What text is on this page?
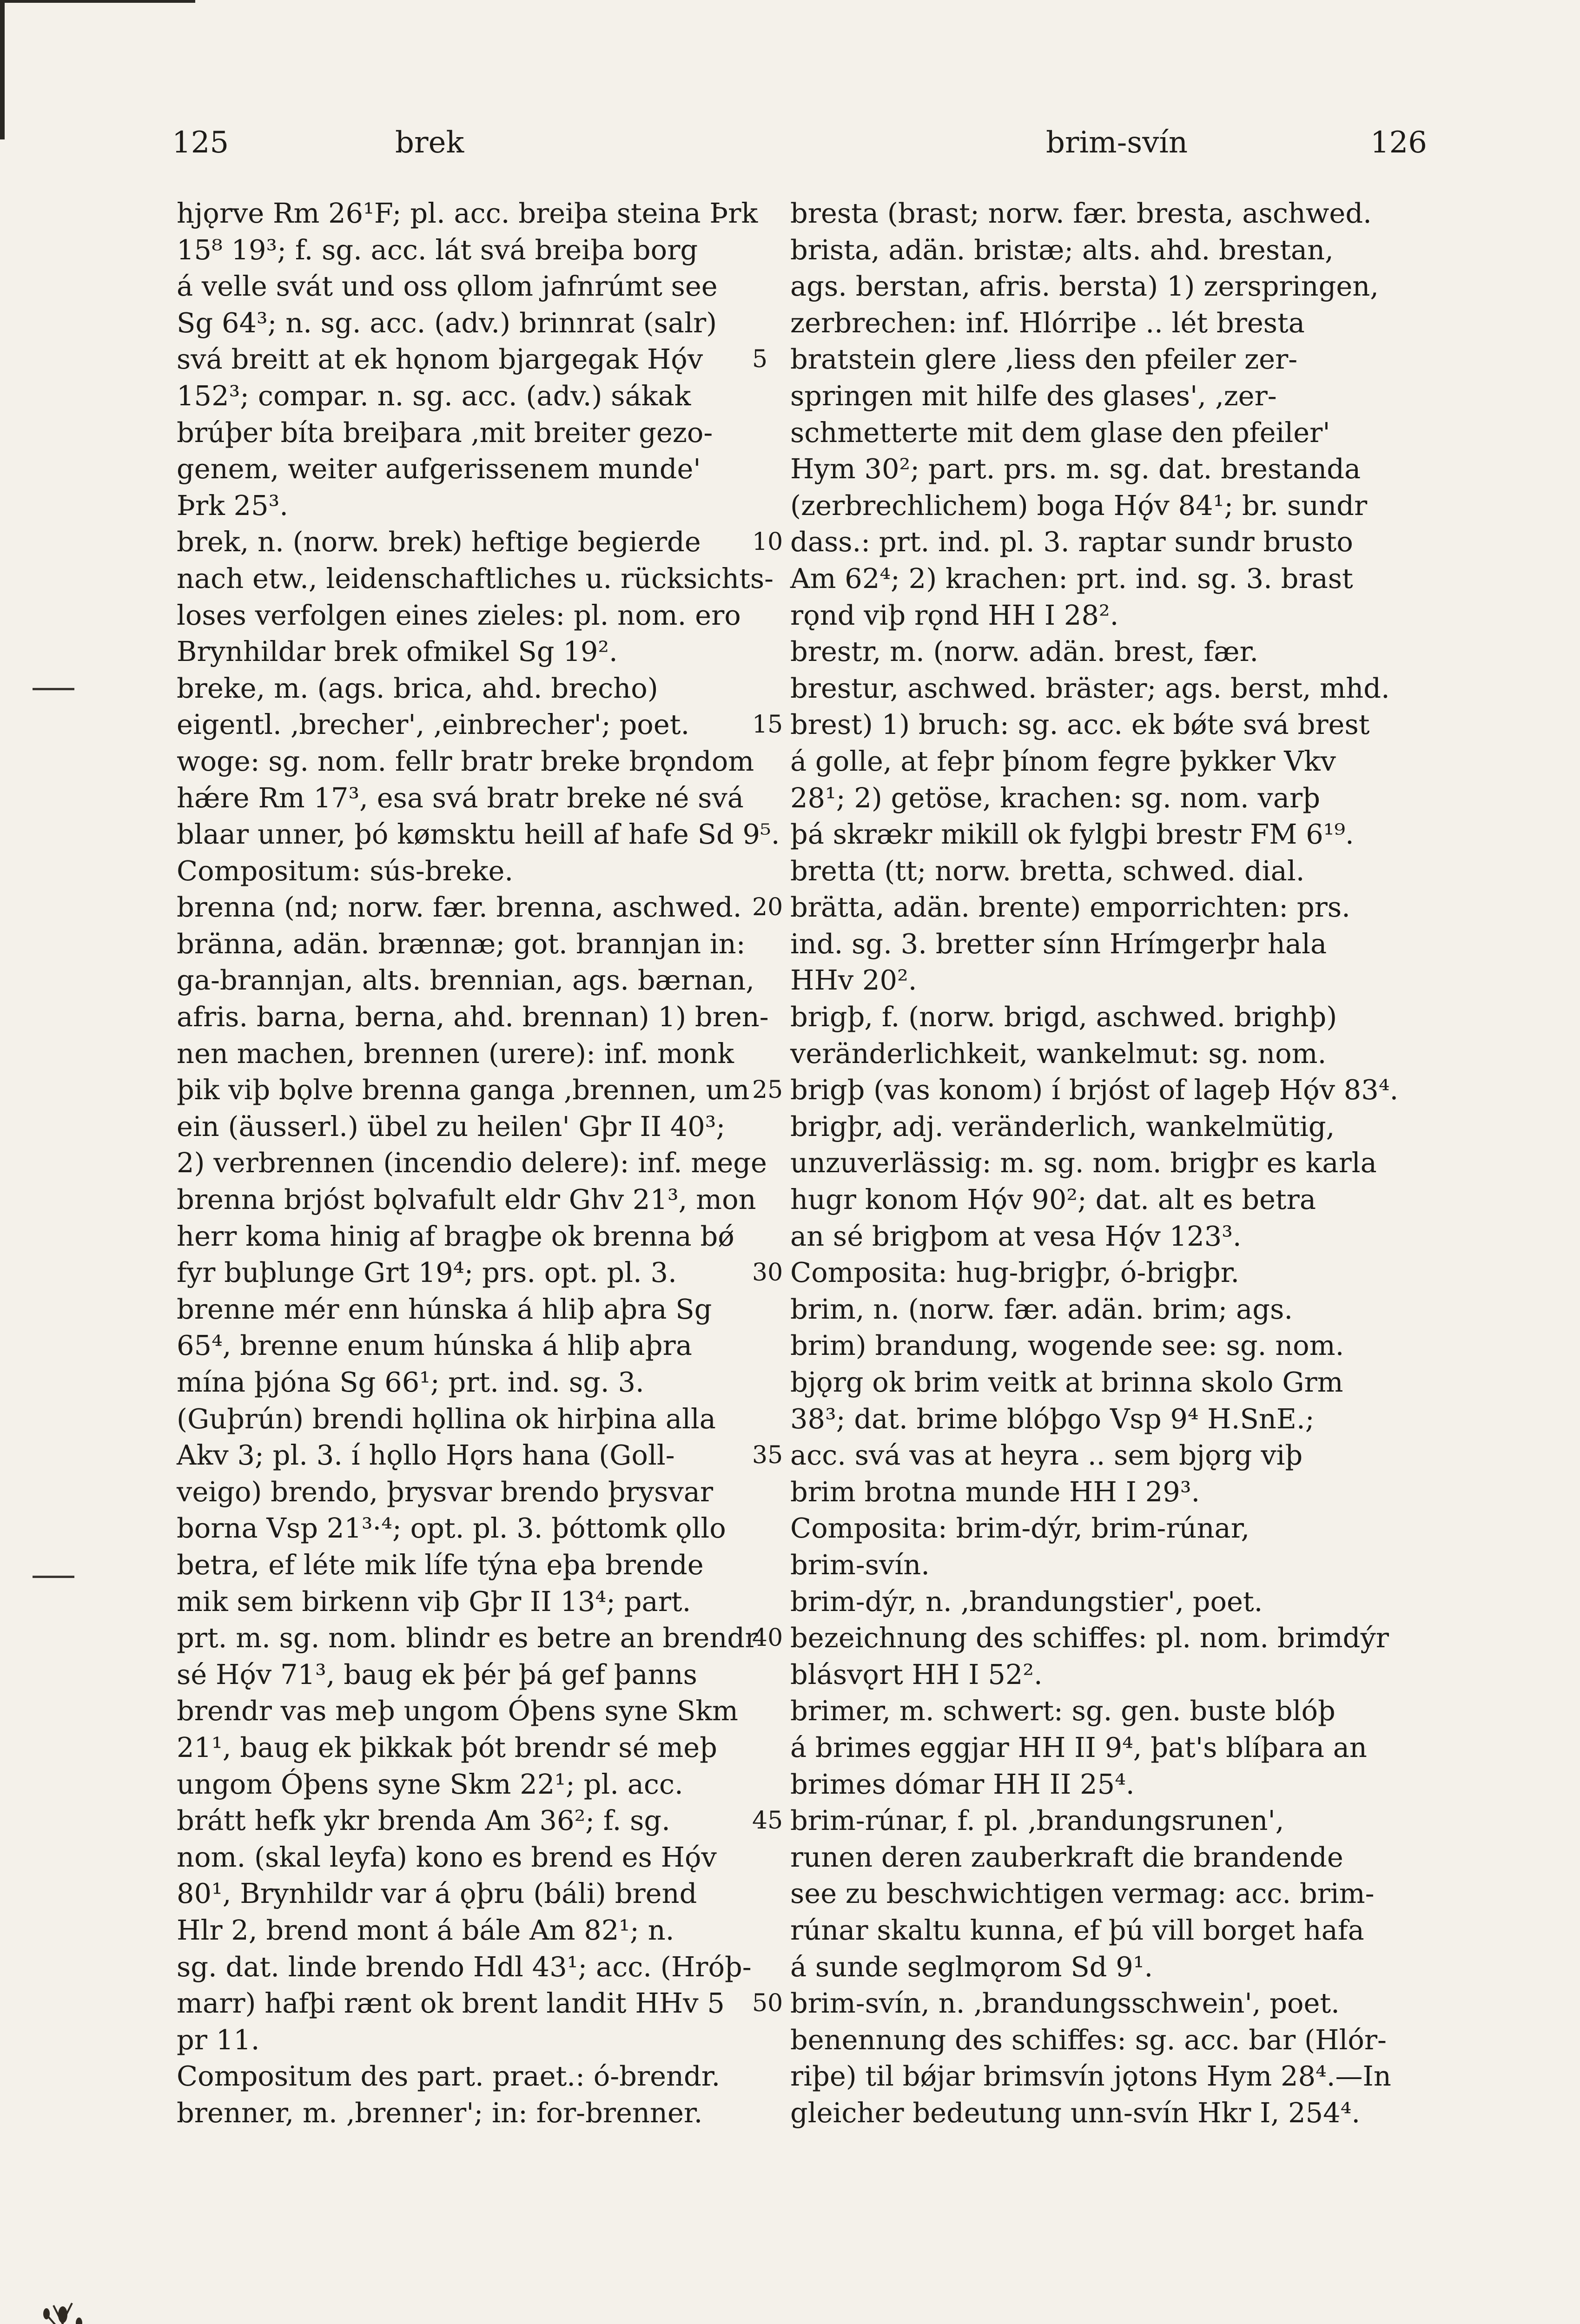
125	brek	brim-svín	126
hjǫrve Rm 26¹F; pl. acc. breiþa steina Þrk
15⁸ 19³; f. sg. acc. lát svá breiþa borg
á velle svát und oss ǫllom jafnrúmt see
Sg 64³; n. sg. acc. (adv.) brinnrat (salr)
svá breitt at ek hǫnom bjargegak Hǫ́v
152³; compar. n. sg. acc. (adv.) sákak
brúþer bíta breiþara ‚mit breiter gezo-
genem, weiter aufgerissenem munde'
Þrk 25³.
brek, n. (norw. brek) heftige begierde
nach etw., leidenschaftliches u. rücksichts-
loses verfolgen eines zieles: pl. nom. ero
Brynhildar brek ofmikel Sg 19².
breke, m. (ags. brica, ahd. brecho)
eigentl. ‚brecher', ‚einbrecher'; poet.
woge: sg. nom. fellr bratr breke brǫndom
hǽre Rm 17³, esa svá bratr breke né svá
blaar unner, þó kømsktu heill af hafe Sd 9⁵.
Compositum: sús-breke.
brenna (nd; norw. fær. brenna, aschwed.
bränna, adän. brænnæ; got. brannjan in:
ga-brannjan, alts. brennian, ags. bærnan,
afris. barna, berna, ahd. brennan) 1) bren-
nen machen, brennen (urere): inf. monk
þik viþ bǫlve brenna ganga ‚brennen, um
ein (äusserl.) übel zu heilen' Gþr II 40³;
2) verbrennen (incendio delere): inf. mege
brenna brjóst bǫlvafult eldr Ghv 21³, mon
herr koma hinig af bragþe ok brenna bǿ
fyr buþlunge Grt 19⁴; prs. opt. pl. 3.
brenne mér enn húnska á hliþ aþra Sg
65⁴, brenne enum húnska á hliþ aþra
mína þjóna Sg 66¹; prt. ind. sg. 3.
(Guþrún) brendi hǫllina ok hirþina alla
Akv 3; pl. 3. í hǫllo Hǫrs hana (Goll-
veigo) brendo, þrysvar brendo þrysvar
borna Vsp 21³·⁴; opt. pl. 3. þóttomk ǫllo
betra, ef léte mik lífe týna eþa brende
mik sem birkenn viþ Gþr II 13⁴; part.
prt. m. sg. nom. blindr es betre an brendr
sé Hǫ́v 71³, baug ek þér þá gef þanns
brendr vas meþ ungom Óþens syne Skm
21¹, baug ek þikkak þót brendr sé meþ
ungom Óþens syne Skm 22¹; pl. acc.
brátt hefk ykr brenda Am 36²; f. sg.
nom. (skal leyfa) kono es brend es Hǫ́v
80¹, Brynhildr var á ǫþru (báli) brend
Hlr 2, brend mont á bále Am 82¹; n.
sg. dat. linde brendo Hdl 43¹; acc. (Hróþ-
marr) hafþi rænt ok brent landit HHv 5
pr 11.
Compositum des part. praet.: ó-brendr.
brenner, m. ‚brenner'; in: for-brenner.
bresta (brast; norw. fær. bresta, aschwed.
brista, adän. bristæ; alts. ahd. brestan,
ags. berstan, afris. bersta) 1) zerspringen,
zerbrechen: inf. Hlórriþe .. lét bresta
bratstein glere ‚liess den pfeiler zer-
springen mit hilfe des glases', ‚zer-
schmetterte mit dem glase den pfeiler'
Hym 30²; part. prs. m. sg. dat. brestanda
(zerbrechlichem) boga Hǫ́v 84¹; br. sundr
dass.: prt. ind. pl. 3. raptar sundr brusto
Am 62⁴; 2) krachen: prt. ind. sg. 3. brast
rǫnd viþ rǫnd HH I 28².
brestr, m. (norw. adän. brest, fær.
brestur, aschwed. bräster; ags. berst, mhd.
brest) 1) bruch: sg. acc. ek bǿte svá brest
á golle, at feþr þínom fegre þykker Vkv
28¹; 2) getöse, krachen: sg. nom. varþ
þá skrækr mikill ok fylgþi brestr FM 6¹⁹.
bretta (tt; norw. bretta, schwed. dial.
brätta, adän. brente) emporrichten: prs.
ind. sg. 3. bretter sínn Hrímgerþr hala
HHv 20².
brigþ, f. (norw. brigd, aschwed. brighþ)
veränderlichkeit, wankelmut: sg. nom.
brigþ (vas konom) í brjóst of lageþ Hǫ́v 83⁴.
brigþr, adj. veränderlich, wankelmütig,
unzuverlässig: m. sg. nom. brigþr es karla
hugr konom Hǫ́v 90²; dat. alt es betra
an sé brigþom at vesa Hǫ́v 123³.
Composita: hug-brigþr, ó-brigþr.
brim, n. (norw. fær. adän. brim; ags.
brim) brandung, wogende see: sg. nom.
bjǫrg ok brim veitk at brinna skolo Grm
38³; dat. brime blóþgo Vsp 9⁴ H.SnE.;
acc. svá vas at heyra .. sem bjǫrg viþ
brim brotna munde HH I 29³.
Composita: brim-dýr, brim-rúnar,
brim-svín.
brim-dýr, n. ‚brandungstier', poet.
bezeichnung des schiffes: pl. nom. brimdýr
blásvǫrt HH I 52².
brimer, m. schwert: sg. gen. buste blóþ
á brimes eggjar HH II 9⁴, þat's blíþara an
brimes dómar HH II 25⁴.
brim-rúnar, f. pl. ‚brandungsrunen',
runen deren zauberkraft die brandende
see zu beschwichtigen vermag: acc. brim-
rúnar skaltu kunna, ef þú vill borget hafa
á sunde seglmǫrom Sd 9¹.
brim-svín, n. ‚brandungsschwein', poet.
benennung des schiffes: sg. acc. bar (Hlór-
riþe) til bǿjar brimsvín jǫtons Hym 28⁴.—In
gleicher bedeutung unn-svín Hkr I, 254⁴.
5
10
15
20
25
30
35
40
45
50
